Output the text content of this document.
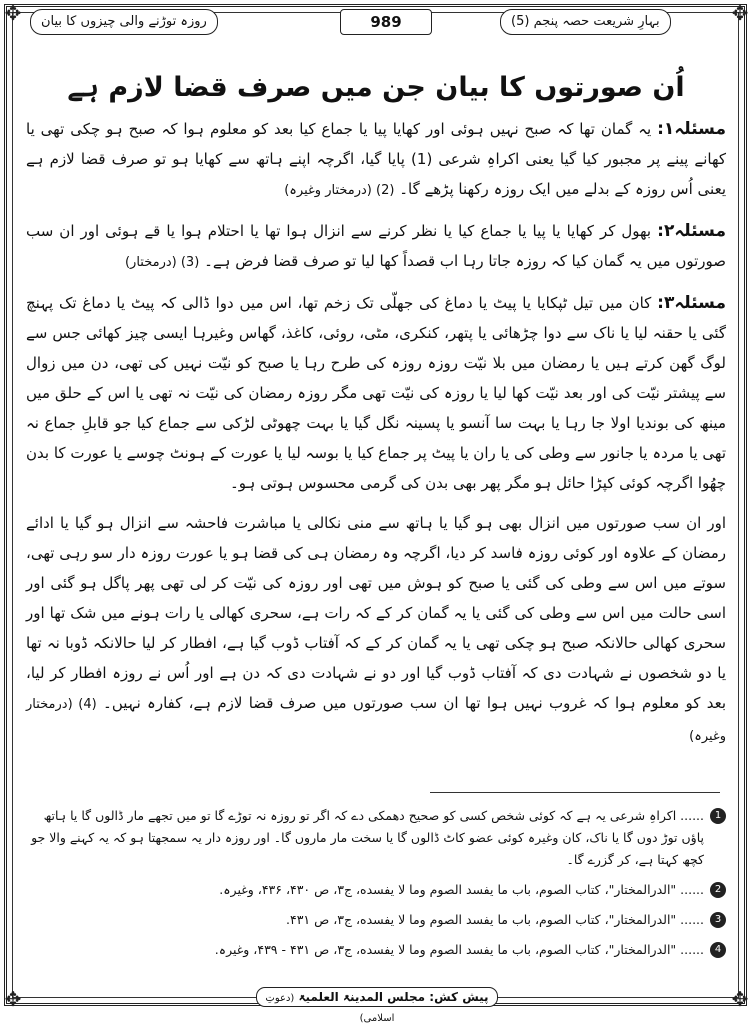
✥	✥
✥	✥
روزہ توڑنے والی چیزوں کا بیان	989	بہارِ شریعت حصہ پنجم (5)
اُن صورتوں کا بیان جن میں صرف قضا لازم ہے

مسئلہ۱: یہ گمان تھا کہ صبح نہیں ہوئی اور کھایا پیا یا جماع کیا بعد کو معلوم ہوا کہ صبح ہو چکی تھی یا کھانے پینے پر مجبور کیا گیا یعنی اکراہِ شرعی (1) پایا گیا، اگرچہ اپنے ہاتھ سے کھایا ہو تو صرف قضا لازم ہے یعنی اُس روزہ کے بدلے میں ایک روزہ رکھنا پڑھے گا۔ (2) (درمختار وغیرہ)

مسئلہ۲: بھول کر کھایا یا پیا یا جماع کیا یا نظر کرنے سے انزال ہوا تھا یا احتلام ہوا یا قے ہوئی اور ان سب صورتوں میں یہ گمان کیا کہ روزہ جاتا رہا اب قصداً کھا لیا تو صرف قضا فرض ہے۔ (3) (درمختار)

مسئلہ۳: کان میں تیل ٹپکایا یا پیٹ یا دماغ کی جھلّی تک زخم تھا، اس میں دوا ڈالی کہ پیٹ یا دماغ تک پہنچ گئی یا حقنہ لیا یا ناک سے دوا چڑھائی یا پتھر، کنکری، مٹی، روئی، کاغذ، گھاس وغیرہا ایسی چیز کھائی جس سے لوگ گھن کرتے ہیں یا رمضان میں بلا نیّت روزہ روزہ کی طرح رہا یا صبح کو نیّت نہیں کی تھی، دن میں زوال سے پیشتر نیّت کی اور بعد نیّت کھا لیا یا روزہ کی نیّت تھی مگر روزہ رمضان کی نیّت نہ تھی یا اس کے حلق میں مینھ کی بوندیا اولا جا رہا یا بہت سا آنسو یا پسینہ نگل گیا یا بہت چھوٹی لڑکی سے جماع کیا جو قابلِ جماع نہ تھی یا مردہ یا جانور سے وطی کی یا ران یا پیٹ پر جماع کیا یا بوسہ لیا یا عورت کے ہونٹ چوسے یا عورت کا بدن چھُوا اگرچہ کوئی کپڑا حائل ہو مگر پھر بھی بدن کی گرمی محسوس ہوتی ہو۔

اور ان سب صورتوں میں انزال بھی ہو گیا یا ہاتھ سے منی نکالی یا مباشرت فاحشہ سے انزال ہو گیا یا ادائے رمضان کے علاوہ اور کوئی روزہ فاسد کر دیا، اگرچہ وہ رمضان ہی کی قضا ہو یا عورت روزہ دار سو رہی تھی، سوتے میں اس سے وطی کی گئی یا صبح کو ہوش میں تھی اور روزہ کی نیّت کر لی تھی پھر پاگل ہو گئی اور اسی حالت میں اس سے وطی کی گئی یا یہ گمان کر کے کہ رات ہے، سحری کھالی یا رات ہونے میں شک تھا اور سحری کھالی حالانکہ صبح ہو چکی تھی یا یہ گمان کر کے کہ آفتاب ڈوب گیا ہے، افطار کر لیا حالانکہ ڈوبا نہ تھا یا دو شخصوں نے شہادت دی کہ آفتاب ڈوب گیا اور دو نے شہادت دی کہ دن ہے اور اُس نے روزہ افطار کر لیا، بعد کو معلوم ہوا کہ غروب نہیں ہوا تھا ان سب صورتوں میں صرف قضا لازم ہے، کفارہ نہیں۔ (4) (درمختار وغیرہ)

1
...... اکراہِ شرعی یہ ہے کہ کوئی شخص کسی کو صحیح دھمکی دے کہ اگر تو روزہ نہ توڑے گا تو میں تجھے مار ڈالوں گا یا ہاتھ پاؤں توڑ دوں گا یا ناک، کان وغیرہ کوئی عضو کاٹ ڈالوں گا یا سخت مار ماروں گا۔ اور روزہ دار یہ سمجھتا ہو کہ یہ کہنے والا جو کچھ کہتا ہے، کر گزرے گا۔
2
...... "الدرالمختار"، کتاب الصوم، باب ما یفسد الصوم وما لا یفسده، ج۳، ص ۴۳۰، ۴۳۶، وغیرہ.
3
...... "الدرالمختار"، کتاب الصوم، باب ما یفسد الصوم وما لا یفسده، ج۳، ص ۴۳۱.
4
...... "الدرالمختار"، کتاب الصوم، باب ما یفسد الصوم وما لا یفسده، ج۳، ص ۴۳۱ - ۴۳۹، وغیرہ.
پیش کش: مجلس المدینۃ العلمیۃ (دعوتِ اسلامی)
